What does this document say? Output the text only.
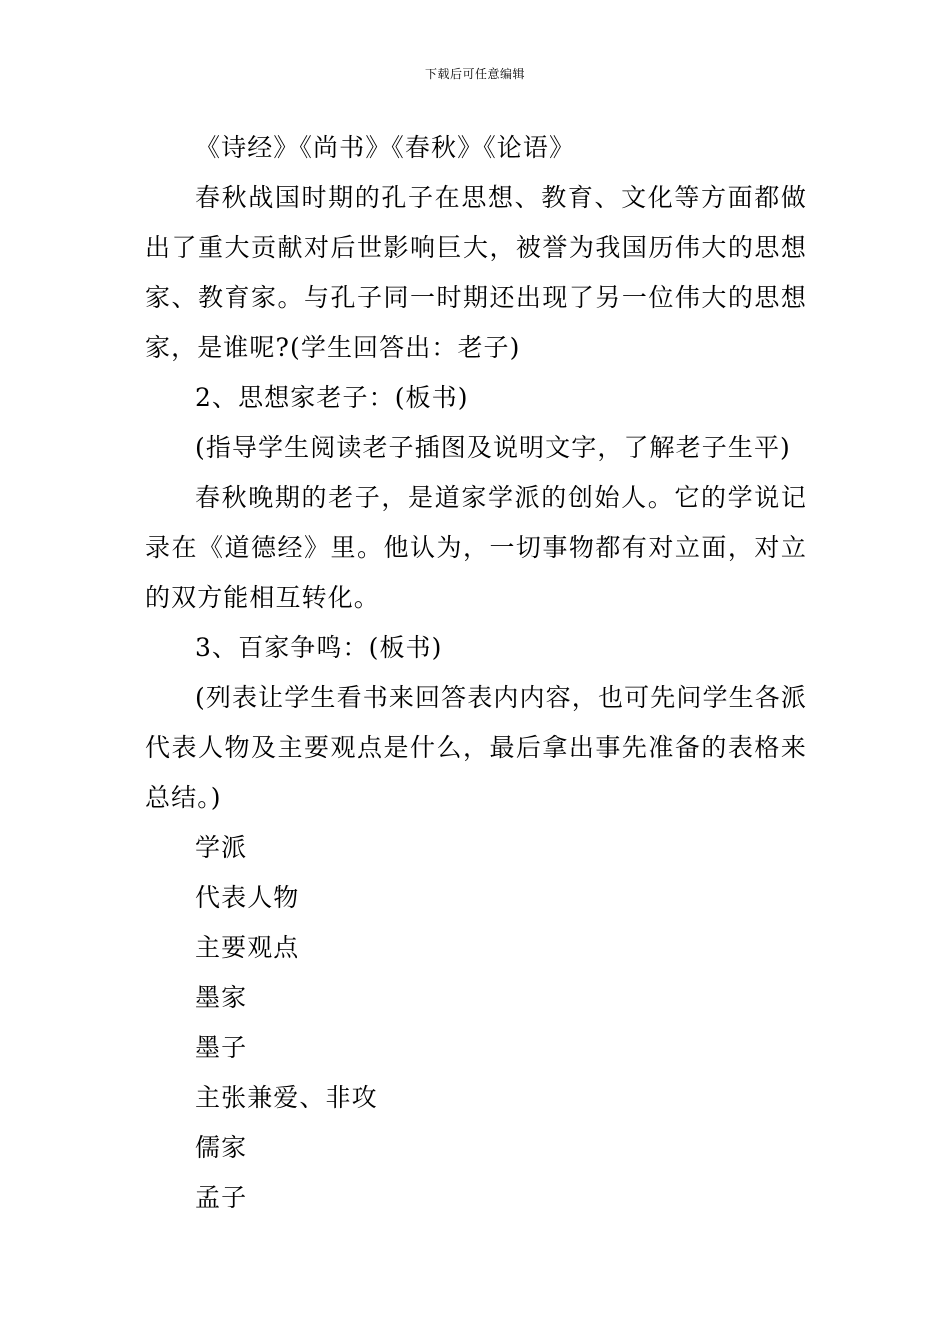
下载后可任意编辑

《诗经》《尚书》《春秋》《论语》

春秋战国时期的孔子在思想、教育、文化等方面都做出了重大贡献对后世影响巨大，被誉为我国历伟大的思想家、教育家。与孔子同一时期还出现了另一位伟大的思想家，是谁呢?(学生回答出：老子)

2、思想家老子：(板书)

(指导学生阅读老子插图及说明文字，了解老子生平)

春秋晚期的老子，是道家学派的创始人。它的学说记录在《道德经》里。他认为，一切事物都有对立面，对立的双方能相互转化。

3、百家争鸣：(板书)

(列表让学生看书来回答表内内容，也可先问学生各派代表人物及主要观点是什么，最后拿出事先准备的表格来总结。)

学派

代表人物

主要观点

墨家

墨子

主张兼爱、非攻

儒家

孟子
